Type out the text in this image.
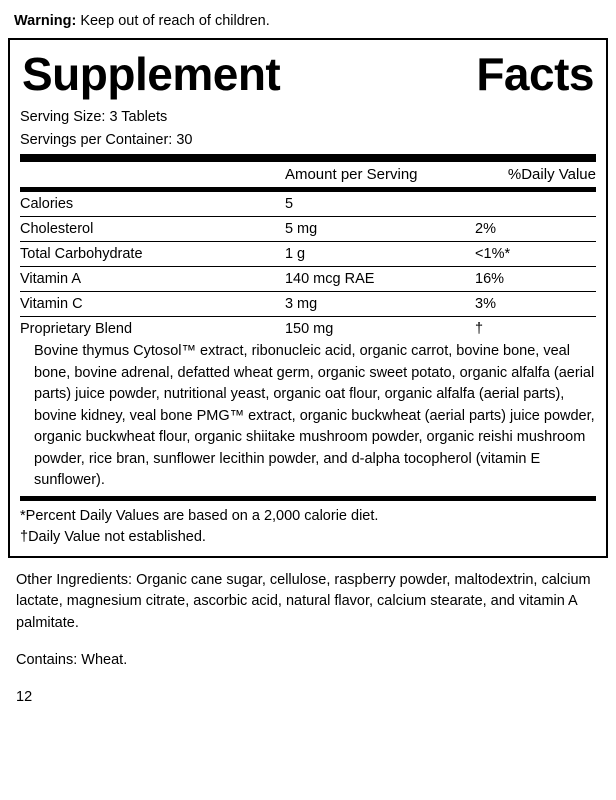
Warning: Keep out of reach of children.
Supplement	Facts
Serving Size: 3 Tablets
Servings per Container: 30
	Amount per Serving	%Daily Value
Calories	5	
Cholesterol	5 mg	2%
Total Carbohydrate	1 g	<1%*
Vitamin A	140 mcg RAE	16%
Vitamin C	3 mg	3%
Proprietary Blend	150 mg	†

Bovine thymus Cytosol™ extract, ribonucleic acid, organic carrot, bovine bone, veal bone, bovine adrenal, defatted wheat germ, organic sweet potato, organic alfalfa (aerial parts) juice powder, nutritional yeast, organic oat flour, organic alfalfa (aerial parts), bovine kidney, veal bone PMG™ extract, organic buckwheat (aerial parts) juice powder, organic buckwheat flour, organic shiitake mushroom powder, organic reishi mushroom powder, rice bran, sunflower lecithin powder, and d-alpha tocopherol (vitamin E sunflower).

*Percent Daily Values are based on a 2,000 calorie diet.
†Daily Value not established.
Other Ingredients: Organic cane sugar, cellulose, raspberry powder, maltodextrin, calcium lactate, magnesium citrate, ascorbic acid, natural flavor, calcium stearate, and vitamin A palmitate.
Contains: Wheat.
12
